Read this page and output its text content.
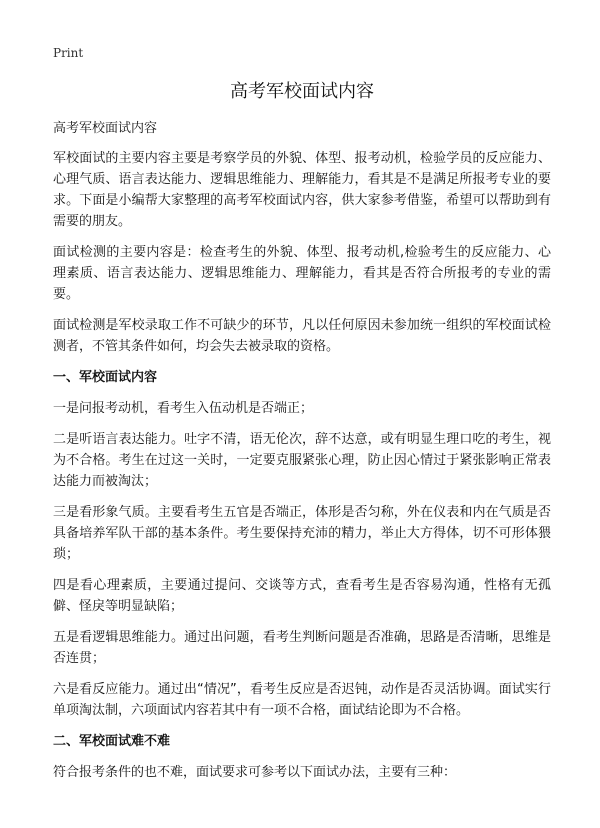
Print
高考军校面试内容

高考军校面试内容

军校面试的主要内容主要是考察学员的外貌、体型、报考动机，检验学员的反应能力、心理气质、语言表达能力、逻辑思维能力、理解能力，看其是不是满足所报考专业的要求。下面是小编帮大家整理的高考军校面试内容，供大家参考借鉴，希望可以帮助到有需要的朋友。

面试检测的主要内容是：检查考生的外貌、体型、报考动机,检验考生的反应能力、心理素质、语言表达能力、逻辑思维能力、理解能力，看其是否符合所报考的专业的需要。

面试检测是军校录取工作不可缺少的环节，凡以任何原因未参加统一组织的军校面试检测者，不管其条件如何，均会失去被录取的资格。

一、军校面试内容

一是问报考动机，看考生入伍动机是否端正；

二是听语言表达能力。吐字不清，语无伦次，辞不达意，或有明显生理口吃的考生，视为不合格。考生在过这一关时，一定要克服紧张心理，防止因心情过于紧张影响正常表达能力而被淘汰；

三是看形象气质。主要看考生五官是否端正，体形是否匀称，外在仪表和内在气质是否具备培养军队干部的基本条件。考生要保持充沛的精力，举止大方得体，切不可形体猥琐；

四是看心理素质，主要通过提问、交谈等方式，查看考生是否容易沟通，性格有无孤僻、怪戾等明显缺陷；

五是看逻辑思维能力。通过出问题，看考生判断问题是否准确，思路是否清晰，思维是否连贯；

六是看反应能力。通过出“情况”，看考生反应是否迟钝，动作是否灵活协调。面试实行单项淘汰制，六项面试内容若其中有一项不合格，面试结论即为不合格。

二、军校面试难不难

符合报考条件的也不难，面试要求可参考以下面试办法，主要有三种：
